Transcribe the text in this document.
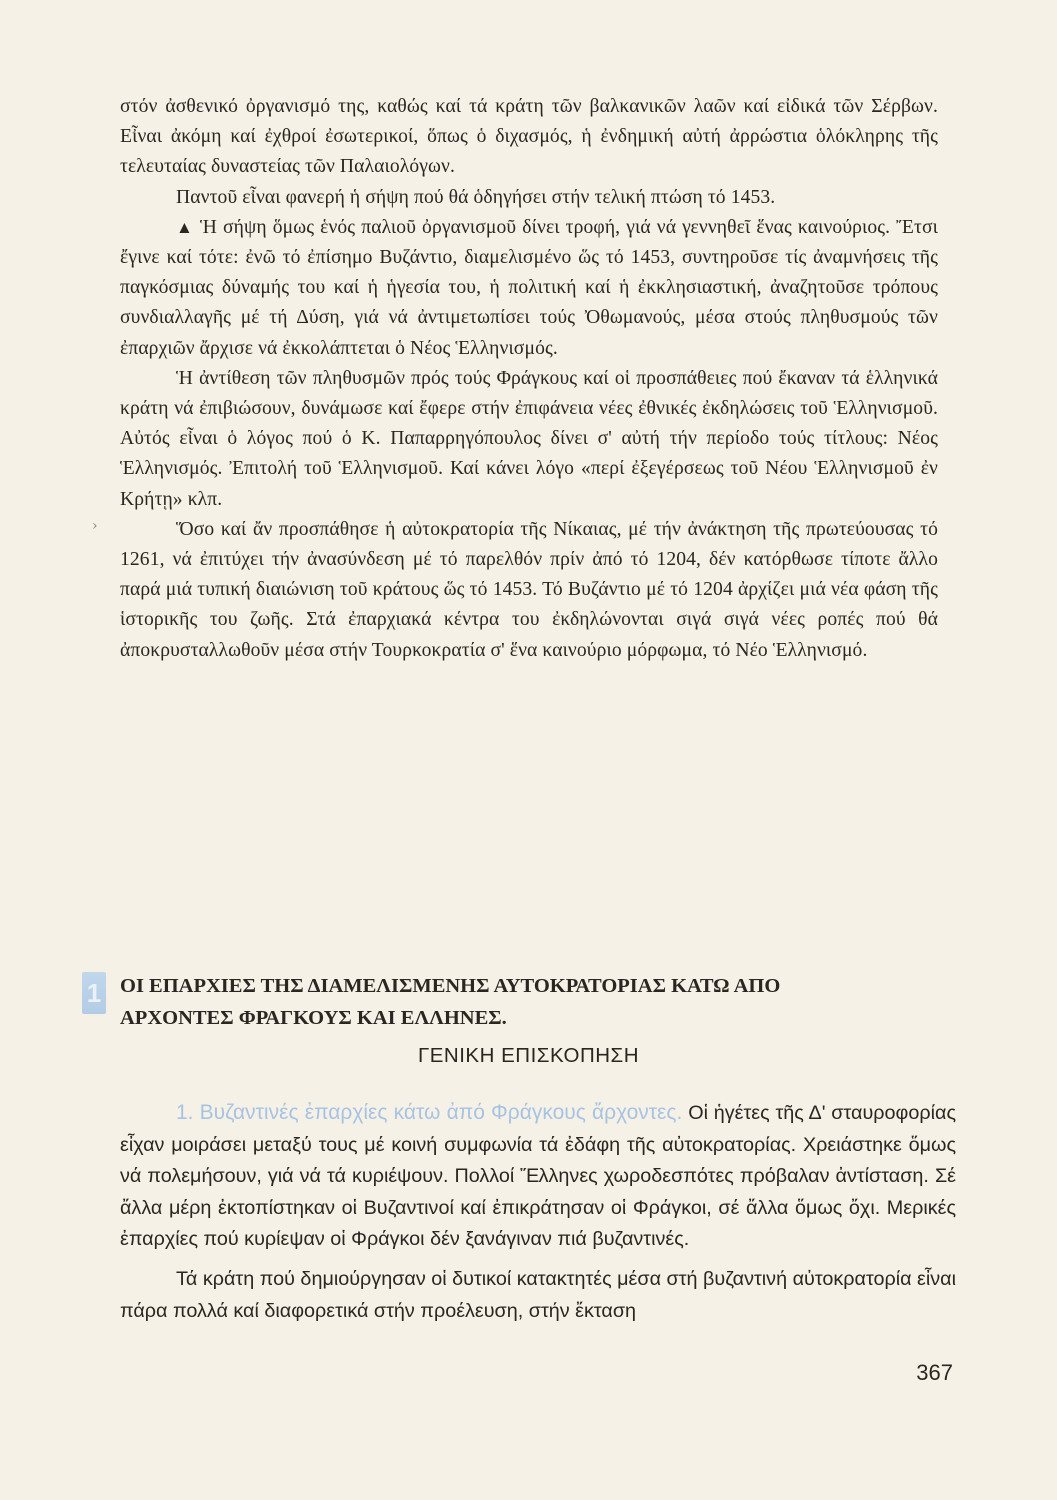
στόν ἀσθενικό ὀργανισμό της, καθώς καί τά κράτη τῶν βαλκανικῶν λαῶν καί εἰδικά τῶν Σέρβων. Εἶναι ἀκόμη καί ἐχθροί ἐσωτερικοί, ὅπως ὁ διχασμός, ἡ ἐνδημική αὐτή ἀρρώστια ὁλόκληρης τῆς τελευταίας δυναστείας τῶν Παλαιολόγων.

Παντοῦ εἶναι φανερή ἡ σήψη πού θά ὁδηγήσει στήν τελική πτώση τό 1453.

▲ Ἡ σήψη ὅμως ἑνός παλιοῦ ὀργανισμοῦ δίνει τροφή, γιά νά γεννηθεῖ ἕνας καινούριος. Ἔτσι ἔγινε καί τότε: ἐνῶ τό ἐπίσημο Βυζάντιο, διαμελισμένο ὥς τό 1453, συντηροῦσε τίς ἀναμνήσεις τῆς παγκόσμιας δύναμής του καί ἡ ἡγεσία του, ἡ πολιτική καί ἡ ἐκκλησιαστική, ἀναζητοῦσε τρόπους συνδιαλλαγῆς μέ τή Δύση, γιά νά ἀντιμετωπίσει τούς Ὀθωμανούς, μέσα στούς πληθυσμούς τῶν ἐπαρχιῶν ἄρχισε νά ἐκκολάπτεται ὁ Νέος Ἑλληνισμός.

Ἡ ἀντίθεση τῶν πληθυσμῶν πρός τούς Φράγκους καί οἱ προσπάθειες πού ἔκαναν τά ἑλληνικά κράτη νά ἐπιβιώσουν, δυνάμωσε καί ἔφερε στήν ἐπιφάνεια νέες ἐθνικές ἐκδηλώσεις τοῦ Ἑλληνισμοῦ. Αὐτός εἶναι ὁ λόγος πού ὁ Κ. Παπαρρηγόπουλος δίνει σ' αὐτή τήν περίοδο τούς τίτλους: Νέος Ἑλληνισμός. Ἐπιτολή τοῦ Ἑλληνισμοῦ. Καί κάνει λόγο «περί ἐξεγέρσεως τοῦ Νέου Ἑλληνισμοῦ ἐν Κρήτῃ» κλπ.

Ὅσο καί ἄν προσπάθησε ἡ αὐτοκρατορία τῆς Νίκαιας, μέ τήν ἀνάκτηση τῆς πρωτεύουσας τό 1261, νά ἐπιτύχει τήν ἀνασύνδεση μέ τό παρελθόν πρίν ἀπό τό 1204, δέν κατόρθωσε τίποτε ἄλλο παρά μιά τυπική διαιώνιση τοῦ κράτους ὥς τό 1453. Τό Βυζάντιο μέ τό 1204 ἀρχίζει μιά νέα φάση τῆς ἱστορικῆς του ζωῆς. Στά ἐπαρχιακά κέντρα του ἐκδηλώνονται σιγά σιγά νέες ροπές πού θά ἀποκρυσταλλωθοῦν μέσα στήν Τουρκοκρατία σ' ἕνα καινούριο μόρφωμα, τό Νέο Ἑλληνισμό.

›
1 ΟΙ ΕΠΑΡΧΙΕΣ ΤΗΣ ΔΙΑΜΕΛΙΣΜΕΝΗΣ ΑΥΤΟΚΡΑΤΟΡΙΑΣ ΚΑΤΩ ΑΠΟ
ΑΡΧΟΝΤΕΣ ΦΡΑΓΚΟΥΣ ΚΑΙ ΕΛΛΗΝΕΣ.
ΓΕΝΙΚΗ ΕΠΙΣΚΟΠΗΣΗ

1. Βυζαντινές ἐπαρχίες κάτω ἀπό Φράγκους ἄρχοντες. Οἱ ἡγέτες τῆς Δ' σταυροφορίας εἶχαν μοιράσει μεταξύ τους μέ κοινή συμφωνία τά ἐδάφη τῆς αὐτοκρατορίας. Χρειάστηκε ὅμως νά πολεμήσουν, γιά νά τά κυριέψουν. Πολλοί Ἕλληνες χωροδεσπότες πρόβαλαν ἀντίσταση. Σέ ἄλλα μέρη ἐκτοπίστηκαν οἱ Βυζαντινοί καί ἐπικράτησαν οἱ Φράγκοι, σέ ἄλλα ὅμως ὄχι. Μερικές ἐπαρχίες πού κυρίεψαν οἱ Φράγκοι δέν ξανάγιναν πιά βυζαντινές.

Τά κράτη πού δημιούργησαν οἱ δυτικοί κατακτητές μέσα στή βυζαντινή αὐτοκρατορία εἶναι πάρα πολλά καί διαφορετικά στήν προέλευση, στήν ἔκταση

367
